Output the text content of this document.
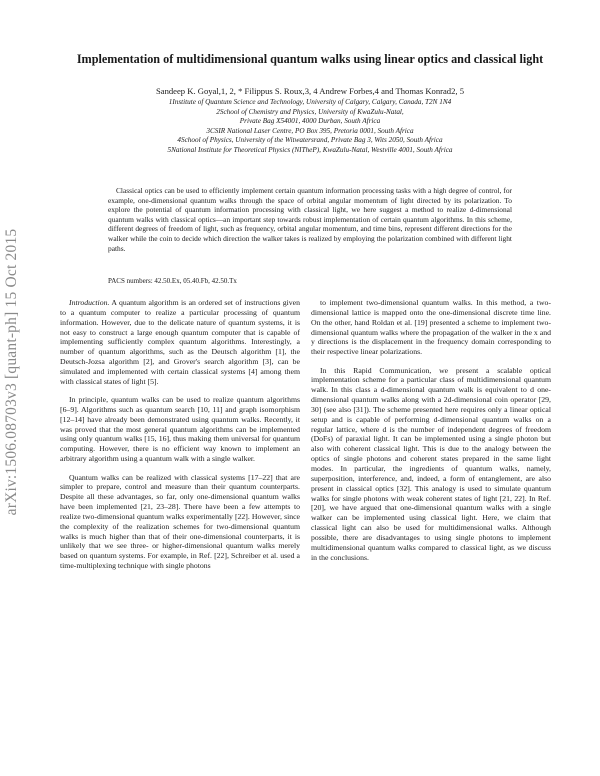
arXiv:1506.08703v3 [quant-ph] 15 Oct 2015
Implementation of multidimensional quantum walks using linear optics and classical light
Sandeep K. Goyal,1, 2, * Filippus S. Roux,3, 4 Andrew Forbes,4 and Thomas Konrad2, 5
1Institute of Quantum Science and Technology, University of Calgary, Calgary, Canada, T2N 1N4
2School of Chemistry and Physics, University of KwaZulu-Natal,
Private Bag X54001, 4000 Durban, South Africa
3CSIR National Laser Centre, PO Box 395, Pretoria 0001, South Africa
4School of Physics, University of the Witwatersrand, Private Bag 3, Wits 2050, South Africa
5National Institute for Theoretical Physics (NITheP), KwaZulu-Natal, Westville 4001, South Africa
Classical optics can be used to efficiently implement certain quantum information processing tasks with a high degree of control, for example, one-dimensional quantum walks through the space of orbital angular momentum of light directed by its polarization. To explore the potential of quantum information processing with classical light, we here suggest a method to realize d-dimensional quantum walks with classical optics—an important step towards robust implementation of certain quantum algorithms. In this scheme, different degrees of freedom of light, such as frequency, orbital angular momentum, and time bins, represent different directions for the walker while the coin to decide which direction the walker takes is realized by employing the polarization combined with different light paths.
PACS numbers: 42.50.Ex, 05.40.Fb, 42.50.Tx

Introduction. A quantum algorithm is an ordered set of instructions given to a quantum computer to realize a particular processing of quantum information. However, due to the delicate nature of quantum systems, it is not easy to construct a large enough quantum computer that is capable of implementing sufficiently complex quantum algorithms. Interestingly, a number of quantum algorithms, such as the Deutsch algorithm [1], the Deutsch-Jozsa algorithm [2], and Grover's search algorithm [3], can be simulated and implemented with certain classical systems [4] among them with classical states of light [5].

In principle, quantum walks can be used to realize quantum algorithms [6–9]. Algorithms such as quantum search [10, 11] and graph isomorphism [12–14] have already been demonstrated using quantum walks. Recently, it was proved that the most general quantum algorithms can be implemented using only quantum walks [15, 16], thus making them universal for quantum computing. However, there is no efficient way known to implement an arbitrary algorithm using a quantum walk with a single walker.

Quantum walks can be realized with classical systems [17–22] that are simpler to prepare, control and measure than their quantum counterparts. Despite all these advantages, so far, only one-dimensional quantum walks have been implemented [21, 23–28]. There have been a few attempts to realize two-dimensional quantum walks experimentally [22]. However, since the complexity of the realization schemes for two-dimensional quantum walks is much higher than that of their one-dimensional counterparts, it is unlikely that we see three- or higher-dimensional quantum walks merely based on quantum systems. For example, in Ref. [22], Schreiber et al. used a time-multiplexing technique with single photons

to implement two-dimensional quantum walks. In this method, a two-dimensional lattice is mapped onto the one-dimensional discrete time line. On the other, hand Roldan et al. [19] presented a scheme to implement two-dimensional quantum walks where the propagation of the walker in the x and y directions is the displacement in the frequency domain corresponding to their respective linear polarizations.

In this Rapid Communication, we present a scalable optical implementation scheme for a particular class of multidimensional quantum walk. In this class a d-dimensional quantum walk is equivalent to d one-dimensional quantum walks along with a 2d-dimensional coin operator [29, 30] (see also [31]). The scheme presented here requires only a linear optical setup and is capable of performing d-dimensional quantum walks on a regular lattice, where d is the number of independent degrees of freedom (DoFs) of paraxial light. It can be implemented using a single photon but also with coherent classical light. This is due to the analogy between the optics of single photons and coherent states prepared in the same light modes. In particular, the ingredients of quantum walks, namely, superposition, interference, and, indeed, a form of entanglement, are also present in classical optics [32]. This analogy is used to simulate quantum walks for single photons with weak coherent states of light [21, 22]. In Ref. [20], we have argued that one-dimensional quantum walks with a single walker can be implemented using classical light. Here, we claim that classical light can also be used for multidimensional walks. Although possible, there are disadvantages to using single photons to implement multidimensional quantum walks compared to classical light, as we discuss in the conclusions.
